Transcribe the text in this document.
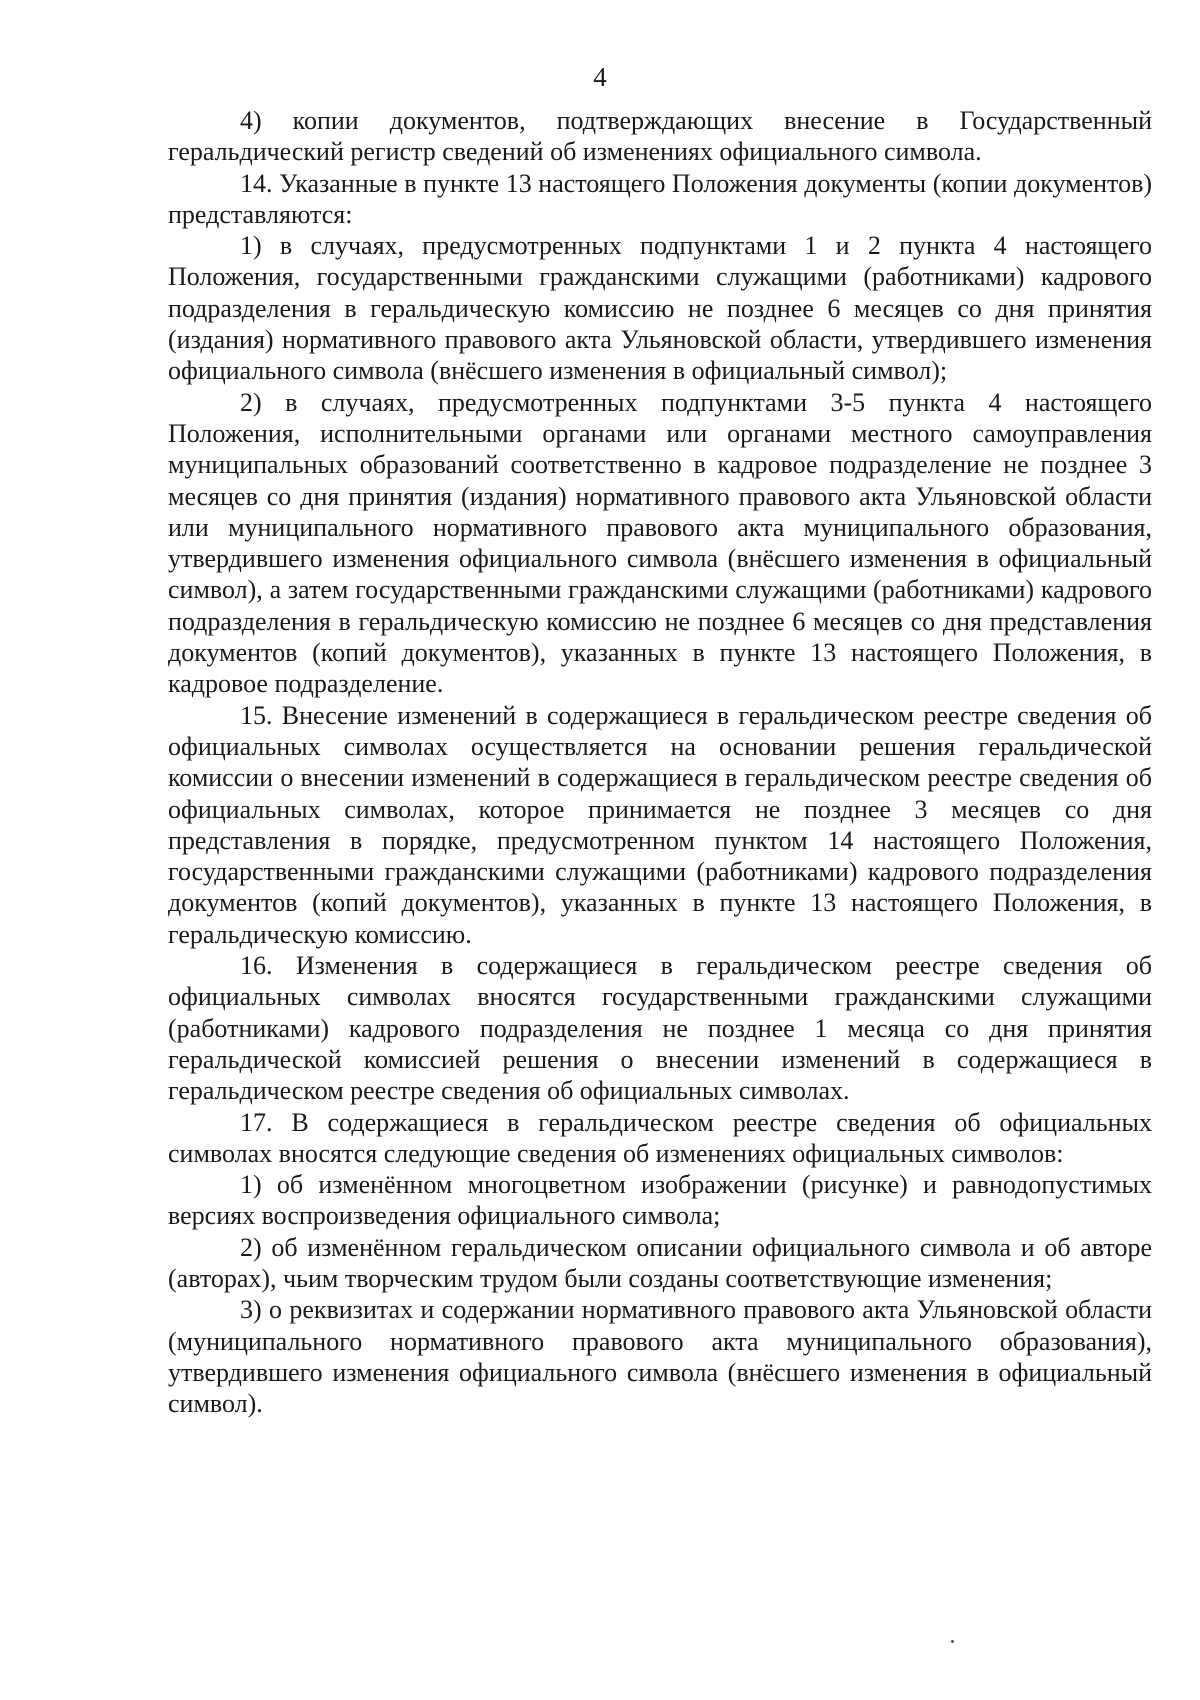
4

4) копии документов, подтверждающих внесение в Государственный геральдический регистр сведений об изменениях официального символа.

14. Указанные в пункте 13 настоящего Положения документы (копии документов) представляются:

1) в случаях, предусмотренных подпунктами 1 и 2 пункта 4 настоящего Положения, государственными гражданскими служащими (работниками) кадрового подразделения в геральдическую комиссию не позднее 6 месяцев со дня принятия (издания) нормативного правового акта Ульяновской области, утвердившего изменения официального символа (внёсшего изменения в официальный символ);

2) в случаях, предусмотренных подпунктами 3-5 пункта 4 настоящего Положения, исполнительными органами или органами местного самоуправления муниципальных образований соответственно в кадровое подразделение не позднее 3 месяцев со дня принятия (издания) нормативного правового акта Ульяновской области или муниципального нормативного правового акта муниципального образования, утвердившего изменения официального символа (внёсшего изменения в официальный символ), а затем государственными гражданскими служащими (работниками) кадрового подразделения в геральдическую комиссию не позднее 6 месяцев со дня представления документов (копий документов), указанных в пункте 13 настоящего Положения, в кадровое подразделение.

15. Внесение изменений в содержащиеся в геральдическом реестре сведения об официальных символах осуществляется на основании решения геральдической комиссии о внесении изменений в содержащиеся в геральдическом реестре сведения об официальных символах, которое принимается не позднее 3 месяцев со дня представления в порядке, предусмотренном пунктом 14 настоящего Положения, государственными гражданскими служащими (работниками) кадрового подразделения документов (копий документов), указанных в пункте 13 настоящего Положения, в геральдическую комиссию.

16. Изменения в содержащиеся в геральдическом реестре сведения об официальных символах вносятся государственными гражданскими служащими (работниками) кадрового подразделения не позднее 1 месяца со дня принятия геральдической комиссией решения о внесении изменений в содержащиеся в геральдическом реестре сведения об официальных символах.

17. В содержащиеся в геральдическом реестре сведения об официальных символах вносятся следующие сведения об изменениях официальных символов:

1) об изменённом многоцветном изображении (рисунке) и равнодопустимых версиях воспроизведения официального символа;

2) об изменённом геральдическом описании официального символа и об авторе (авторах), чьим творческим трудом были созданы соответствующие изменения;

3) о реквизитах и содержании нормативного правового акта Ульяновской области (муниципального нормативного правового акта муниципального образования), утвердившего изменения официального символа (внёсшего изменения в официальный символ).
